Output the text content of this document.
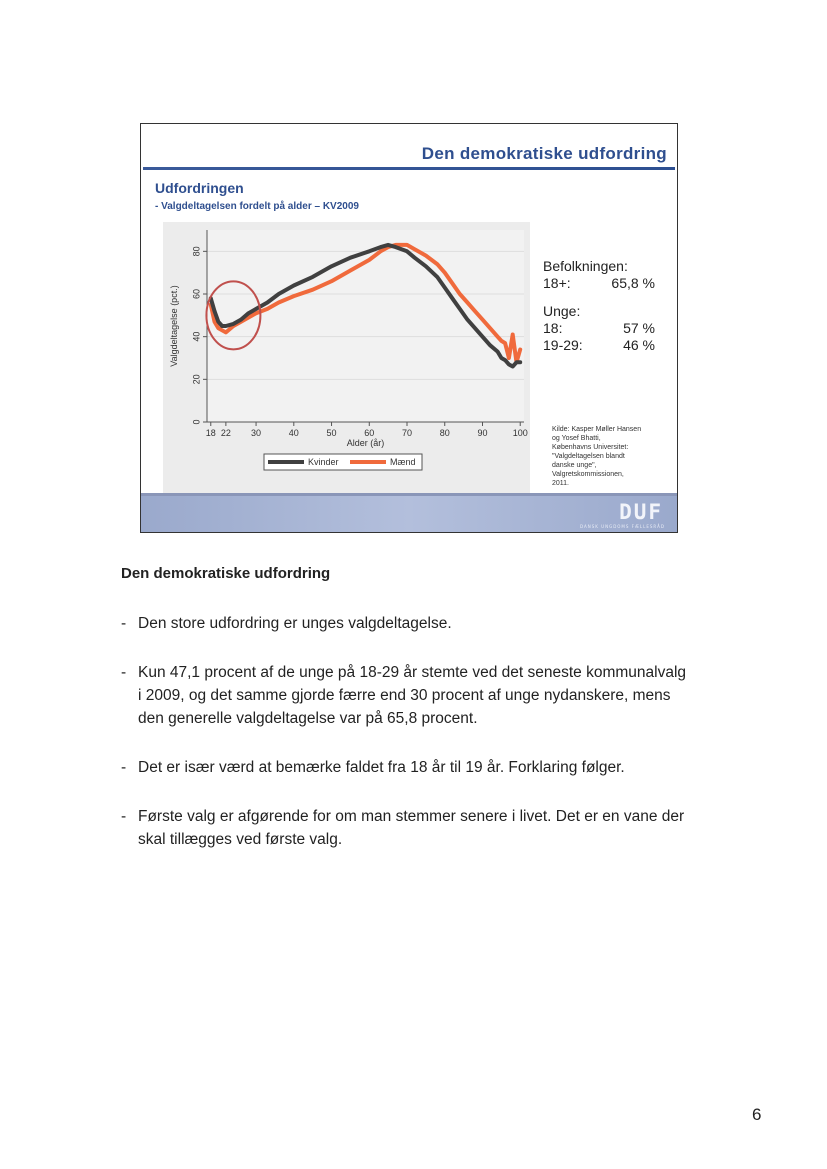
Den demokratiske udfordring
Udfordringen

- Valgdeltagelsen fordelt på alder – KV2009

0
20
40
60
80
18 22 30	40	50	60	70	80	90	100
Alder (år)
Valgdeltagelse (pct.)
Kvinder	Mænd
Befolkningen:
18+:	65,8 %
Unge:
18:	57 %
19-29:	46 %
Kilde: Kasper Møller Hansen
og Yosef Bhatti,
Københavns Universitet:
"Valgdeltagelsen blandt
danske unge",
Valgretskommissionen,
2011.
DUF
DANSK UNGDOMS FÆLLESRÅD
Den demokratiske udfordring
- Den store udfordring er unges valgdeltagelse.
- Kun 47,1 procent af de unge på 18-29 år stemte ved det seneste kommunalvalg i 2009, og det samme gjorde færre end 30 procent af unge nydanskere, mens den generelle valgdeltagelse var på 65,8 procent.
- Det er især værd at bemærke faldet fra 18 år til 19 år. Forklaring følger.
- Første valg er afgørende for om man stemmer senere i livet. Det er en vane der skal tillægges ved første valg.
6
